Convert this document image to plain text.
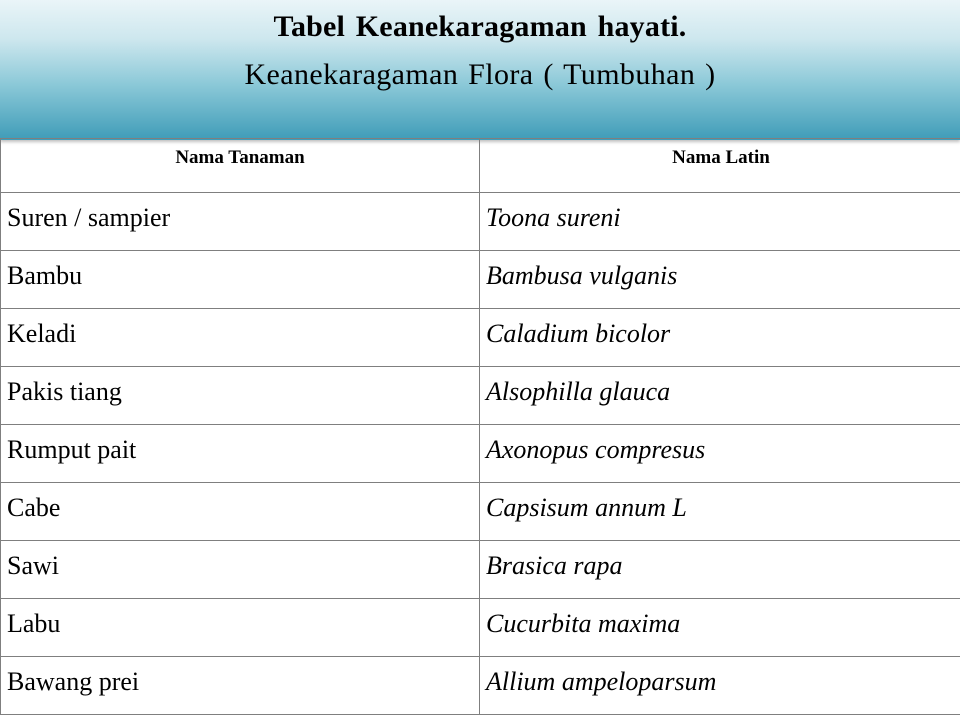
Tabel Keanekaragaman hayati.
Keanekaragaman Flora ( Tumbuhan )
Nama Tanaman	Nama Latin
Suren / sampier	Toona sureni
Bambu	Bambusa vulganis
Keladi	Caladium bicolor
Pakis tiang	Alsophilla glauca
Rumput pait	Axonopus compresus
Cabe	Capsisum annum L
Sawi	Brasica rapa
Labu	Cucurbita maxima
Bawang prei	Allium ampeloparsum
